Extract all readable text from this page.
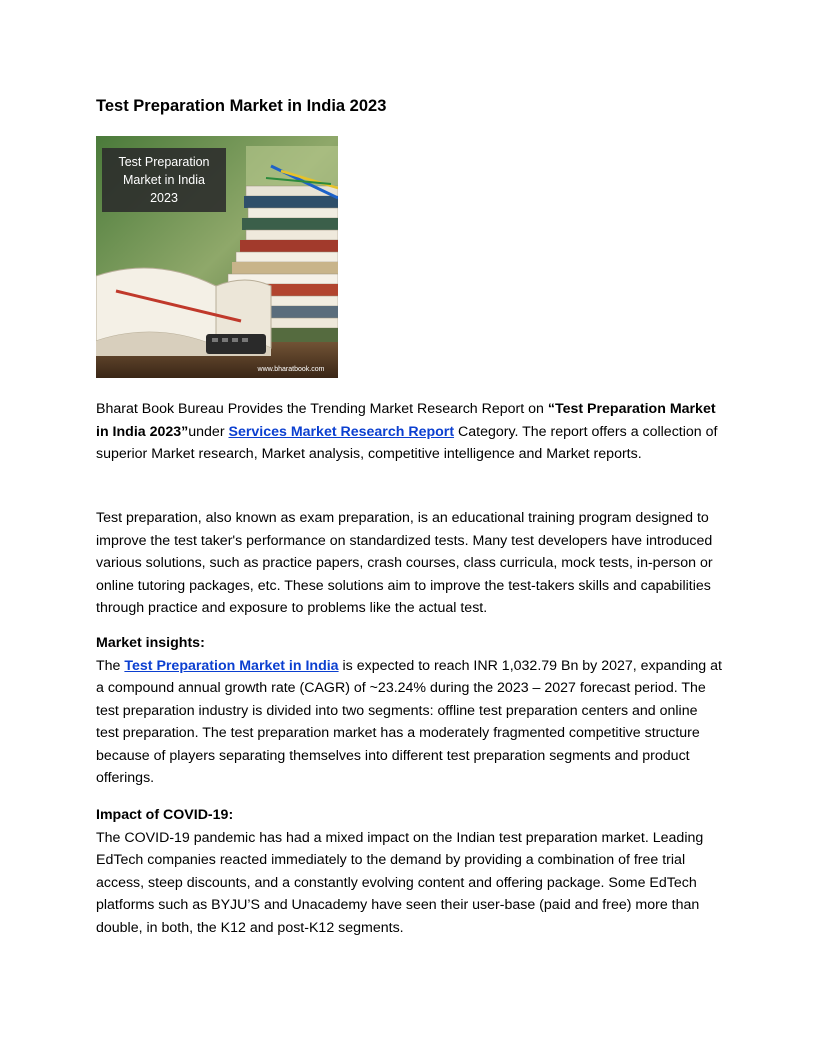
Test Preparation Market in India 2023
Test Preparation
Market in India
2023
www.bharatbook.com

Bharat Book Bureau Provides the Trending Market Research Report on “Test Preparation Market in India 2023”under Services Market Research Report Category. The report offers a collection of superior Market research, Market analysis, competitive intelligence and Market reports.

Test preparation, also known as exam preparation, is an educational training program designed to improve the test taker's performance on standardized tests. Many test developers have introduced various solutions, such as practice papers, crash courses, class curricula, mock tests, in-person or online tutoring packages, etc. These solutions aim to improve the test-takers skills and capabilities through practice and exposure to problems like the actual test.

Market insights:
The Test Preparation Market in India is expected to reach INR 1,032.79 Bn by 2027, expanding at a compound annual growth rate (CAGR) of ~23.24% during the 2023 – 2027 forecast period. The test preparation industry is divided into two segments: offline test preparation centers and online test preparation. The test preparation market has a moderately fragmented competitive structure because of players separating themselves into different test preparation segments and product offerings.

Impact of COVID-19:
The COVID-19 pandemic has had a mixed impact on the Indian test preparation market. Leading EdTech companies reacted immediately to the demand by providing a combination of free trial access, steep discounts, and a constantly evolving content and offering package. Some EdTech platforms such as BYJU’S and Unacademy have seen their user-base (paid and free) more than double, in both, the K12 and post-K12 segments.
